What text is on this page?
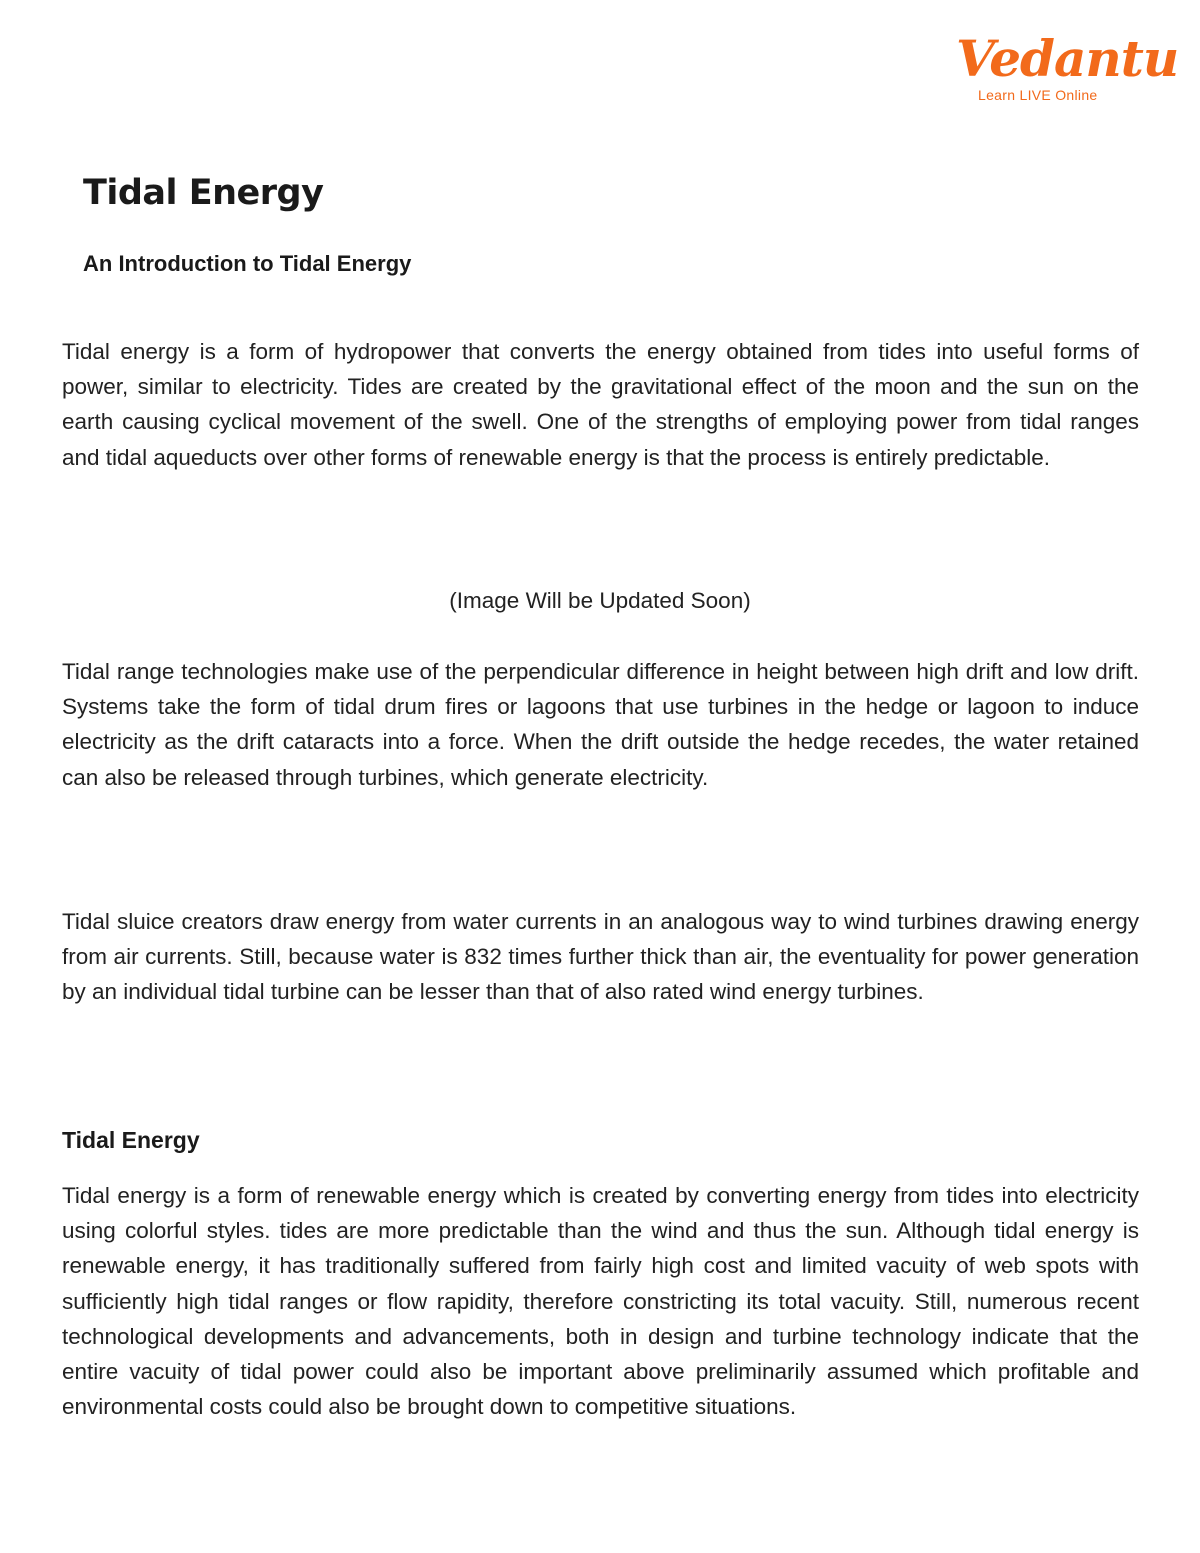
Vedantu
Learn LIVE Online
Tidal Energy
An Introduction to Tidal Energy

Tidal energy is a form of hydropower that converts the energy obtained from tides into useful forms of power, similar to electricity. Tides are created by the gravitational effect of the moon and the sun on the earth causing cyclical movement of the swell. One of the strengths of employing power from tidal ranges and tidal aqueducts over other forms of renewable energy is that the process is entirely predictable.

(Image Will be Updated Soon)

Tidal range technologies make use of the perpendicular difference in height between high drift and low drift. Systems take the form of tidal drum fires or lagoons that use turbines in the hedge or lagoon to induce electricity as the drift cataracts into a force. When the drift outside the hedge recedes, the water retained can also be released through turbines, which generate electricity.

Tidal sluice creators draw energy from water currents in an analogous way to wind turbines drawing energy from air currents. Still, because water is 832 times further thick than air, the eventuality for power generation by an individual tidal turbine can be lesser than that of also rated wind energy turbines.

Tidal Energy

Tidal energy is a form of renewable energy which is created by converting energy from tides into electricity using colorful styles. tides are more predictable than the wind and thus the sun. Although tidal energy is renewable energy, it has traditionally suffered from fairly high cost and limited vacuity of web spots with sufficiently high tidal ranges or flow rapidity, therefore constricting its total vacuity. Still, numerous recent technological developments and advancements, both in design and turbine technology indicate that the entire vacuity of tidal power could also be important above preliminarily assumed which profitable and environmental costs could also be brought down to competitive situations.
